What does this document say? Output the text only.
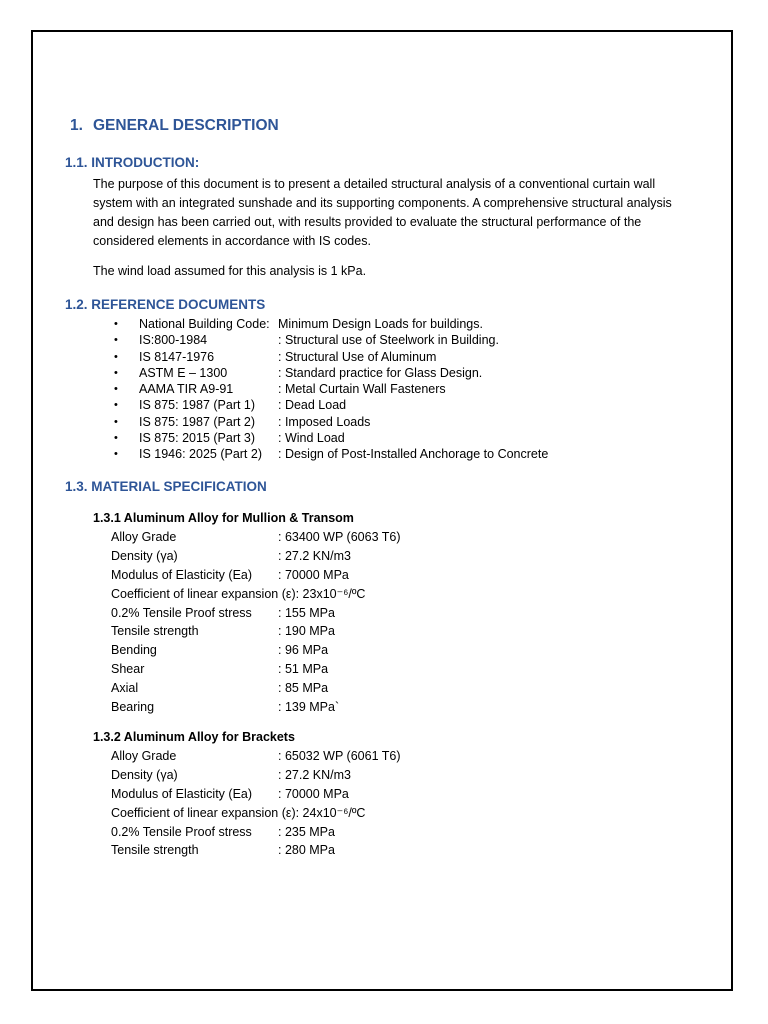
1. GENERAL DESCRIPTION
1.1. INTRODUCTION:
The purpose of this document is to present a detailed structural analysis of a conventional curtain wall
system with an integrated sunshade and its supporting components. A comprehensive structural analysis
and design has been carried out, with results provided to evaluate the structural performance of the
considered elements in accordance with IS codes.
The wind load assumed for this analysis is 1 kPa.
1.2. REFERENCE DOCUMENTS
• National Building Code: Minimum Design Loads for buildings.
• IS:800-1984	: Structural use of Steelwork in Building.
• IS 8147-1976	: Structural Use of Aluminum
• ASTM E – 1300	: Standard practice for Glass Design.
• AAMA TIR A9-91	: Metal Curtain Wall Fasteners
• IS 875: 1987 (Part 1) : Dead Load
• IS 875: 1987 (Part 2) : Imposed Loads
• IS 875: 2015 (Part 3) : Wind Load
• IS 1946: 2025 (Part 2) : Design of Post-Installed Anchorage to Concrete
1.3. MATERIAL SPECIFICATION
1.3.1 Aluminum Alloy for Mullion & Transom
Alloy Grade	: 63400 WP (6063 T6)
Density (γa)	: 27.2 KN/m3
Modulus of Elasticity (Ea) : 70000 MPa
Coefficient of linear expansion (ε): 23x10⁻⁶/ºC
0.2% Tensile Proof stress : 155 MPa
Tensile strength	: 190 MPa
Bending	: 96 MPa
Shear	: 51 MPa
Axial	: 85 MPa
Bearing	: 139 MPa`
1.3.2 Aluminum Alloy for Brackets
Alloy Grade	: 65032 WP (6061 T6)
Density (γa)	: 27.2 KN/m3
Modulus of Elasticity (Ea) : 70000 MPa
Coefficient of linear expansion (ε): 24x10⁻⁶/ºC
0.2% Tensile Proof stress : 235 MPa
Tensile strength	: 280 MPa
